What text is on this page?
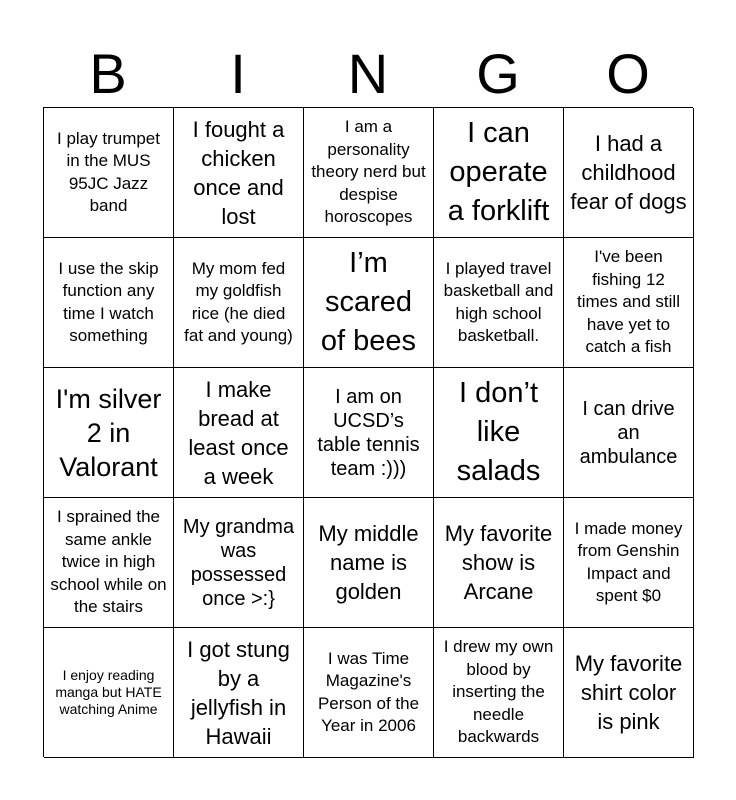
B	I	N	G	O
I play trumpet in the MUS 95JC Jazz band
I fought a chicken once and lost
I am a personality theory nerd but despise horoscopes
I can operate a forklift
I had a childhood fear of dogs
I use the skip function any time I watch something
My mom fed my goldfish rice (he died fat and young)
I’m scared of bees
I played travel basketball and high school basketball.
I've been fishing 12 times and still have yet to catch a fish
I'm silver 2 in Valorant
I make bread at least once a week
I am on UCSD’s table tennis team :)))
I don’t like salads
I can drive an ambulance
I sprained the same ankle twice in high school while on the stairs
My grandma was possessed once >:}
My middle name is golden
My favorite show is Arcane
I made money from Genshin Impact and spent $0
I enjoy reading manga but HATE watching Anime
I got stung by a jellyfish in Hawaii
I was Time Magazine's Person of the Year in 2006
I drew my own blood by inserting the needle backwards
My favorite shirt color is pink
